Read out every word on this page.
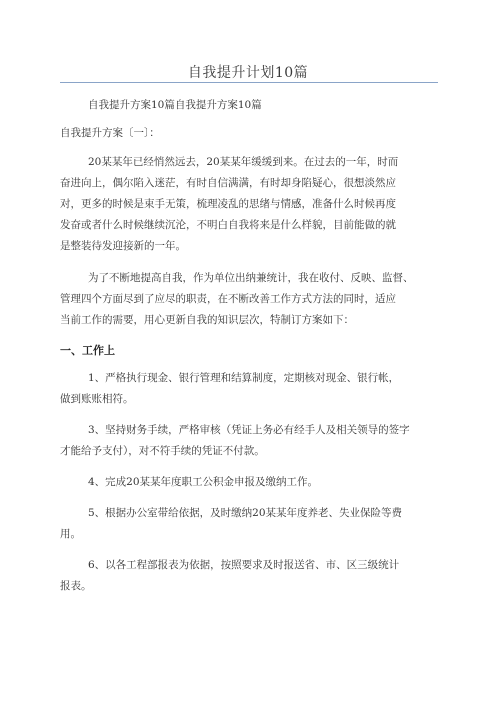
自我提升计划10篇
自我提升方案10篇自我提升方案10篇
自我提升方案〔一〕：
20某某年已经悄然远去，20某某年缓缓到来。在过去的一年，时而
奋进向上，偶尔陷入迷茫，有时自信满满，有时却身陷疑心，很想淡然应
对，更多的时候是束手无策，梳理凌乱的思绪与情感，准备什么时候再度
发奋或者什么时候继续沉沦，不明白自我将来是什么样貌，目前能做的就
是整装待发迎接新的一年。
为了不断地提高自我，作为单位出纳兼统计，我在收付、反映、监督、
管理四个方面尽到了应尽的职责，在不断改善工作方式方法的同时，适应
当前工作的需要，用心更新自我的知识层次，特制订方案如下：
一、工作上
1、严格执行现金、银行管理和结算制度，定期核对现金、银行帐，
做到账账相符。
3、坚持财务手续，严格审核（凭证上务必有经手人及相关领导的签字
才能给予支付），对不符手续的凭证不付款。
4、完成20某某年度职工公积金申报及缴纳工作。
5、根据办公室带给依据，及时缴纳20某某年度养老、失业保险等费
用。
6、以各工程部报表为依据，按照要求及时报送省、市、区三级统计
报表。
